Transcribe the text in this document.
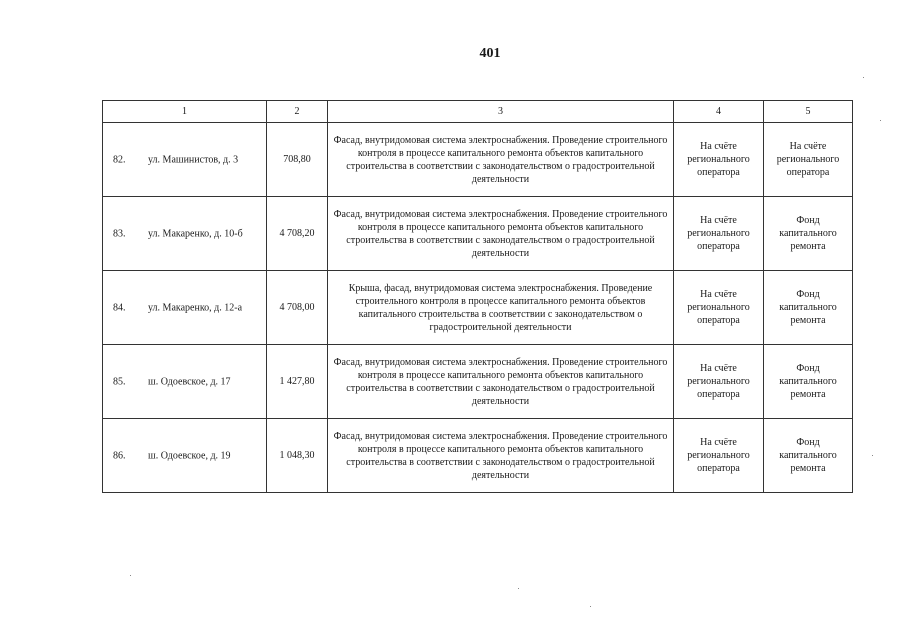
401
1	2	3	4	5

82. ул. Машинистов, д. 3	708,80	Фасад, внутридомовая система электроснабжения. Проведение строительного контроля в процессе капитального ремонта объектов капитального строительства в соответствии с законодательством о градостроительной деятельности	На счёте регионального оператора	На счёте регионального оператора

83. ул. Макаренко, д. 10-б	4 708,20	Фасад, внутридомовая система электроснабжения. Проведение строительного контроля в процессе капитального ремонта объектов капитального строительства в соответствии с законодательством о градостроительной деятельности	На счёте регионального оператора	Фонд капитального ремонта

84. ул. Макаренко, д. 12-а	4 708,00	Крыша, фасад, внутридомовая система электроснабжения. Проведение строительного контроля в процессе капитального ремонта объектов капитального строительства в соответствии с законодательством о градостроительной деятельности	На счёте регионального оператора	Фонд капитального ремонта

85. ш. Одоевское, д. 17	1 427,80	Фасад, внутридомовая система электроснабжения. Проведение строительного контроля в процессе капитального ремонта объектов капитального строительства в соответствии с законодательством о градостроительной деятельности	На счёте регионального оператора	Фонд капитального ремонта

86. ш. Одоевское, д. 19	1 048,30	Фасад, внутридомовая система электроснабжения. Проведение строительного контроля в процессе капитального ремонта объектов капитального строительства в соответствии с законодательством о градостроительной деятельности	На счёте регионального оператора	Фонд капитального ремонта
